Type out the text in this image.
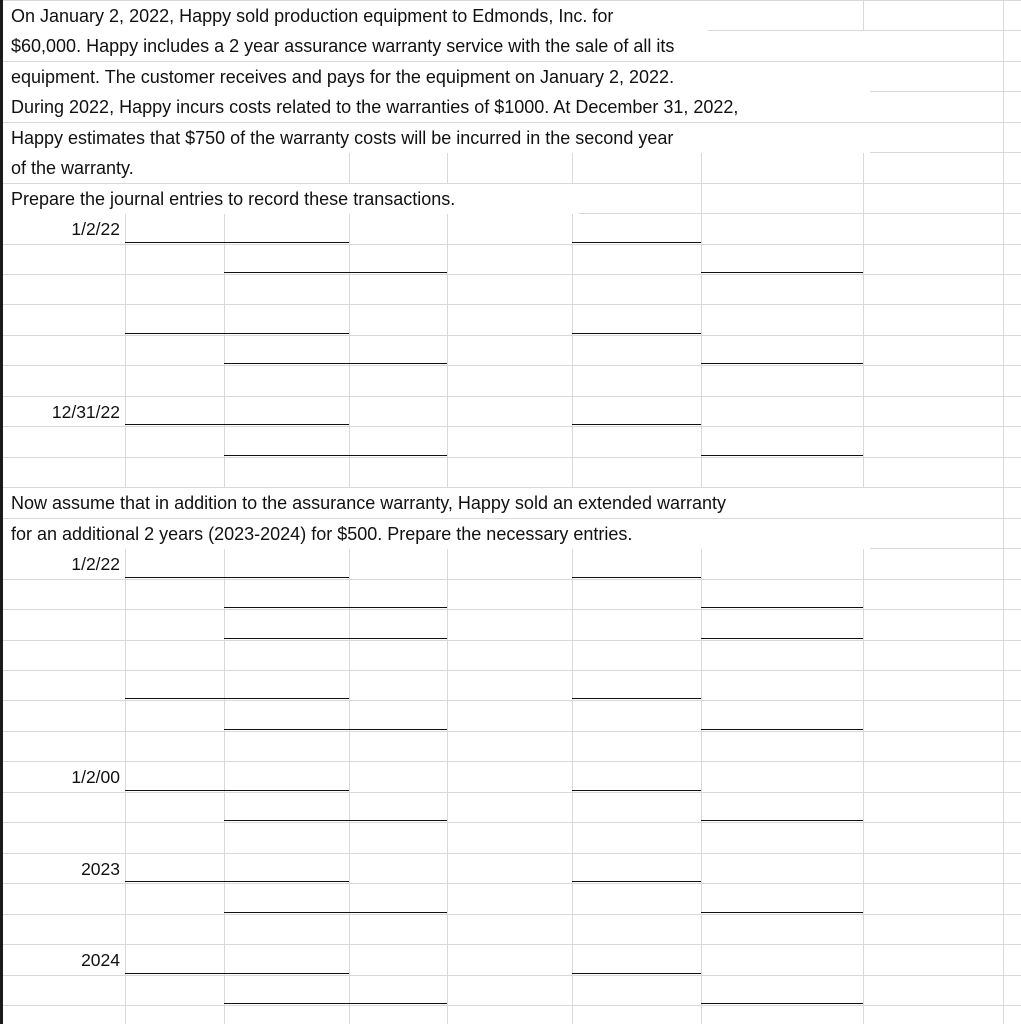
On January 2, 2022, Happy sold production equipment to Edmonds, Inc. for
$60,000. Happy includes a 2 year assurance warranty service with the sale of all its
equipment. The customer receives and pays for the equipment on January 2, 2022.
During 2022, Happy incurs costs related to the warranties of $1000. At December 31, 2022,
Happy estimates that $750 of the warranty costs will be incurred in the second year
of the warranty.
Prepare the journal entries to record these transactions.
Now assume that in addition to the assurance warranty, Happy sold an extended warranty
for an additional 2 years (2023-2024) for $500. Prepare the necessary entries.
1/2/22
12/31/22
1/2/22
1/2/00
2023
2024
